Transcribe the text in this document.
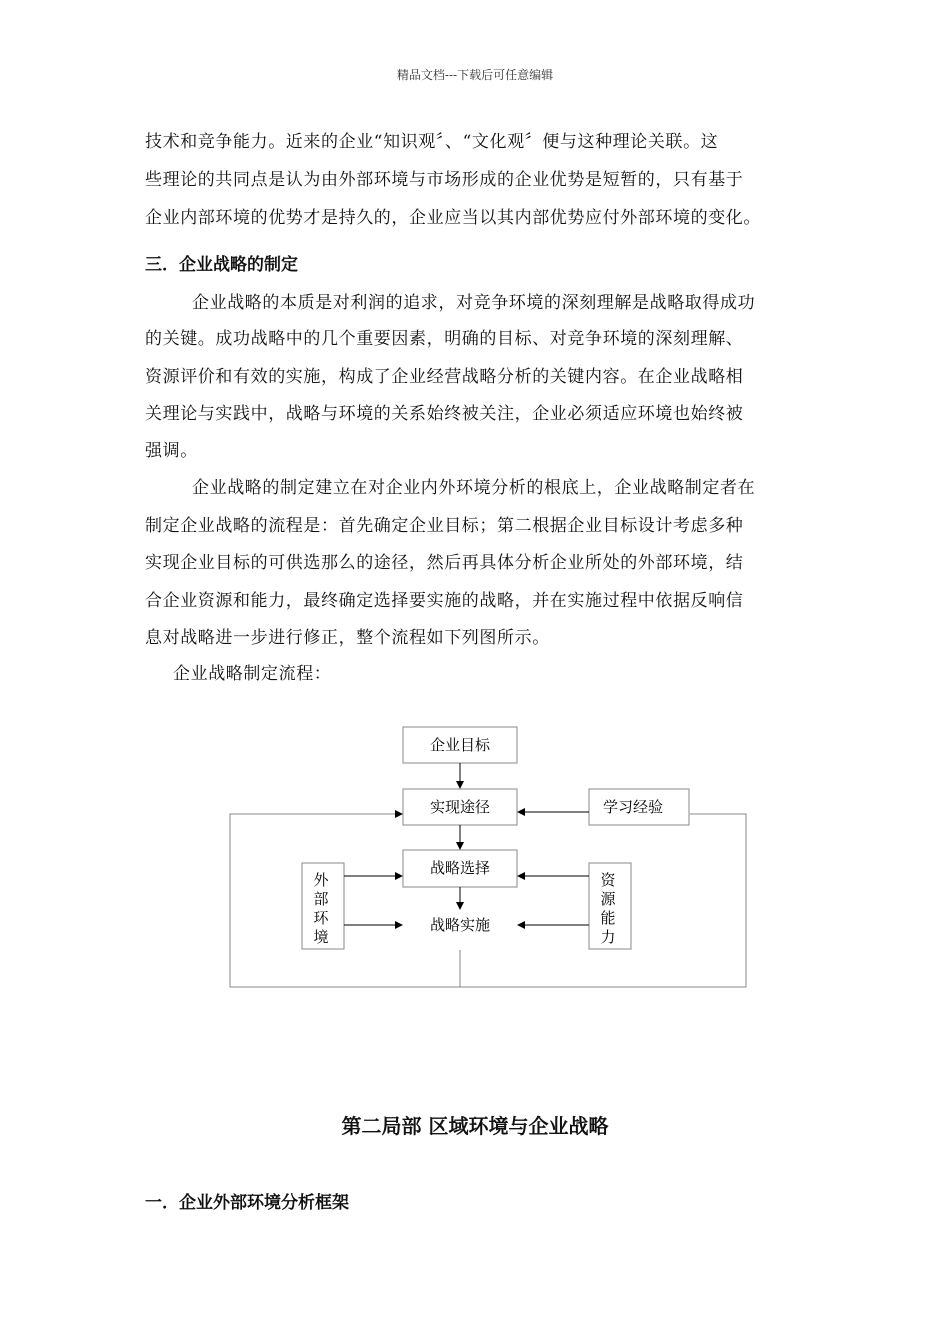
精品文档---下载后可任意编辑
技术和竞争能力。近来的企业“知识观〞、“文化观〞便与这种理论关联。这
些理论的共同点是认为由外部环境与市场形成的企业优势是短暂的，只有基于
企业内部环境的优势才是持久的，企业应当以其内部优势应付外部环境的变化。
三．企业战略的制定
企业战略的本质是对利润的追求，对竞争环境的深刻理解是战略取得成功
的关键。成功战略中的几个重要因素，明确的目标、对竞争环境的深刻理解、
资源评价和有效的实施，构成了企业经营战略分析的关键内容。在企业战略相
关理论与实践中，战略与环境的关系始终被关注，企业必须适应环境也始终被
强调。
企业战略的制定建立在对企业内外环境分析的根底上，企业战略制定者在
制定企业战略的流程是：首先确定企业目标；第二根据企业目标设计考虑多种
实现企业目标的可供选那么的途径，然后再具体分析企业所处的外部环境，结
合企业资源和能力，最终确定选择要实施的战略，并在实施过程中依据反响信
息对战略进一步进行修正，整个流程如下列图所示。
企业战略制定流程：
企业目标
实现途径	学习经验
战略选择
战略实施
外
部
环
境
资
源
能
力
第二局部 区域环境与企业战略
一．企业外部环境分析框架
